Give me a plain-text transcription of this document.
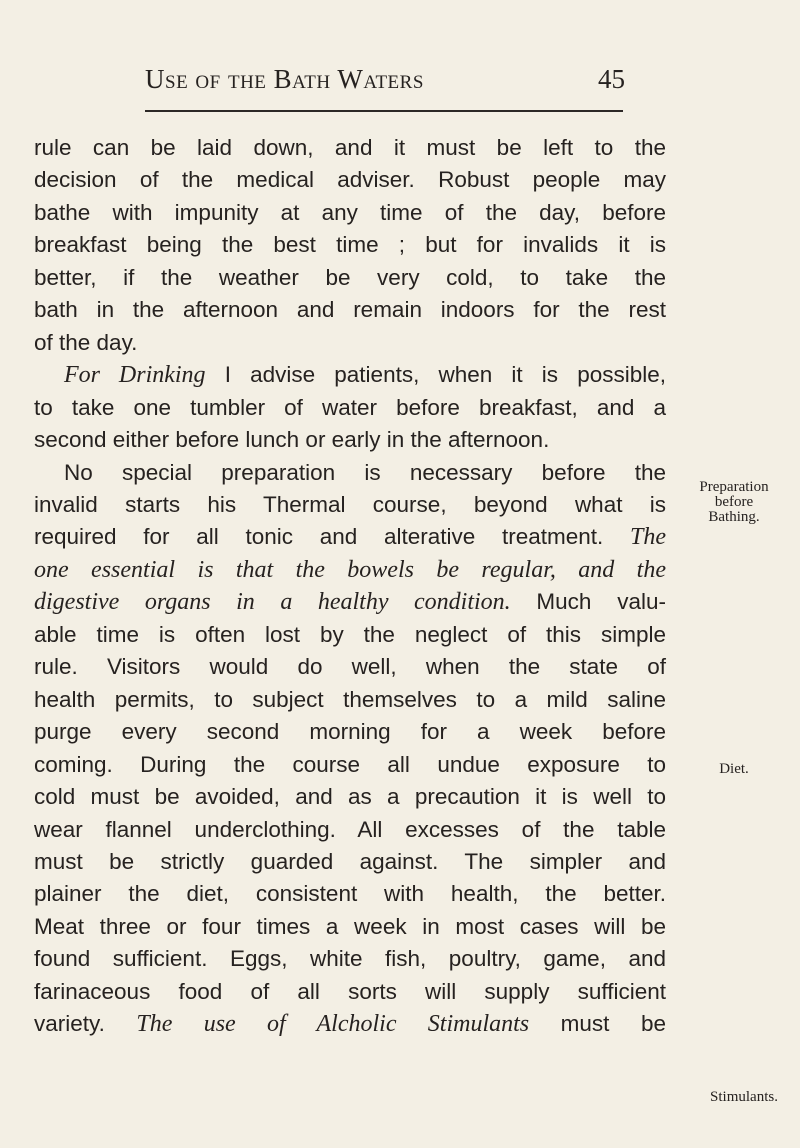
Use of the Bath Waters	45

rule can be laid down, and it must be left to the
decision of the medical adviser. Robust people may
bathe with impunity at any time of the day, before
breakfast being the best time ; but for invalids it is
better, if the weather be very cold, to take the
bath in the afternoon and remain indoors for the rest
of the day.
For Drinking I advise patients, when it is possible,
to take one tumbler of water before breakfast, and a
second either before lunch or early in the afternoon.
No special preparation is necessary before the
invalid starts his Thermal course, beyond what is
required for all tonic and alterative treatment. The
one essential is that the bowels be regular, and the
digestive organs in a healthy condition. Much valu-
able time is often lost by the neglect of this simple
rule. Visitors would do well, when the state of
health permits, to subject themselves to a mild saline
purge every second morning for a week before
coming. During the course all undue exposure to
cold must be avoided, and as a precaution it is well to
wear flannel underclothing. All excesses of the table
must be strictly guarded against. The simpler and
plainer the diet, consistent with health, the better.
Meat three or four times a week in most cases will be
found sufficient. Eggs, white fish, poultry, game, and
farinaceous food of all sorts will supply sufficient
variety. The use of Alcholic Stimulants must be

Preparation
before
Bathing.
Diet.
Stimulants.
